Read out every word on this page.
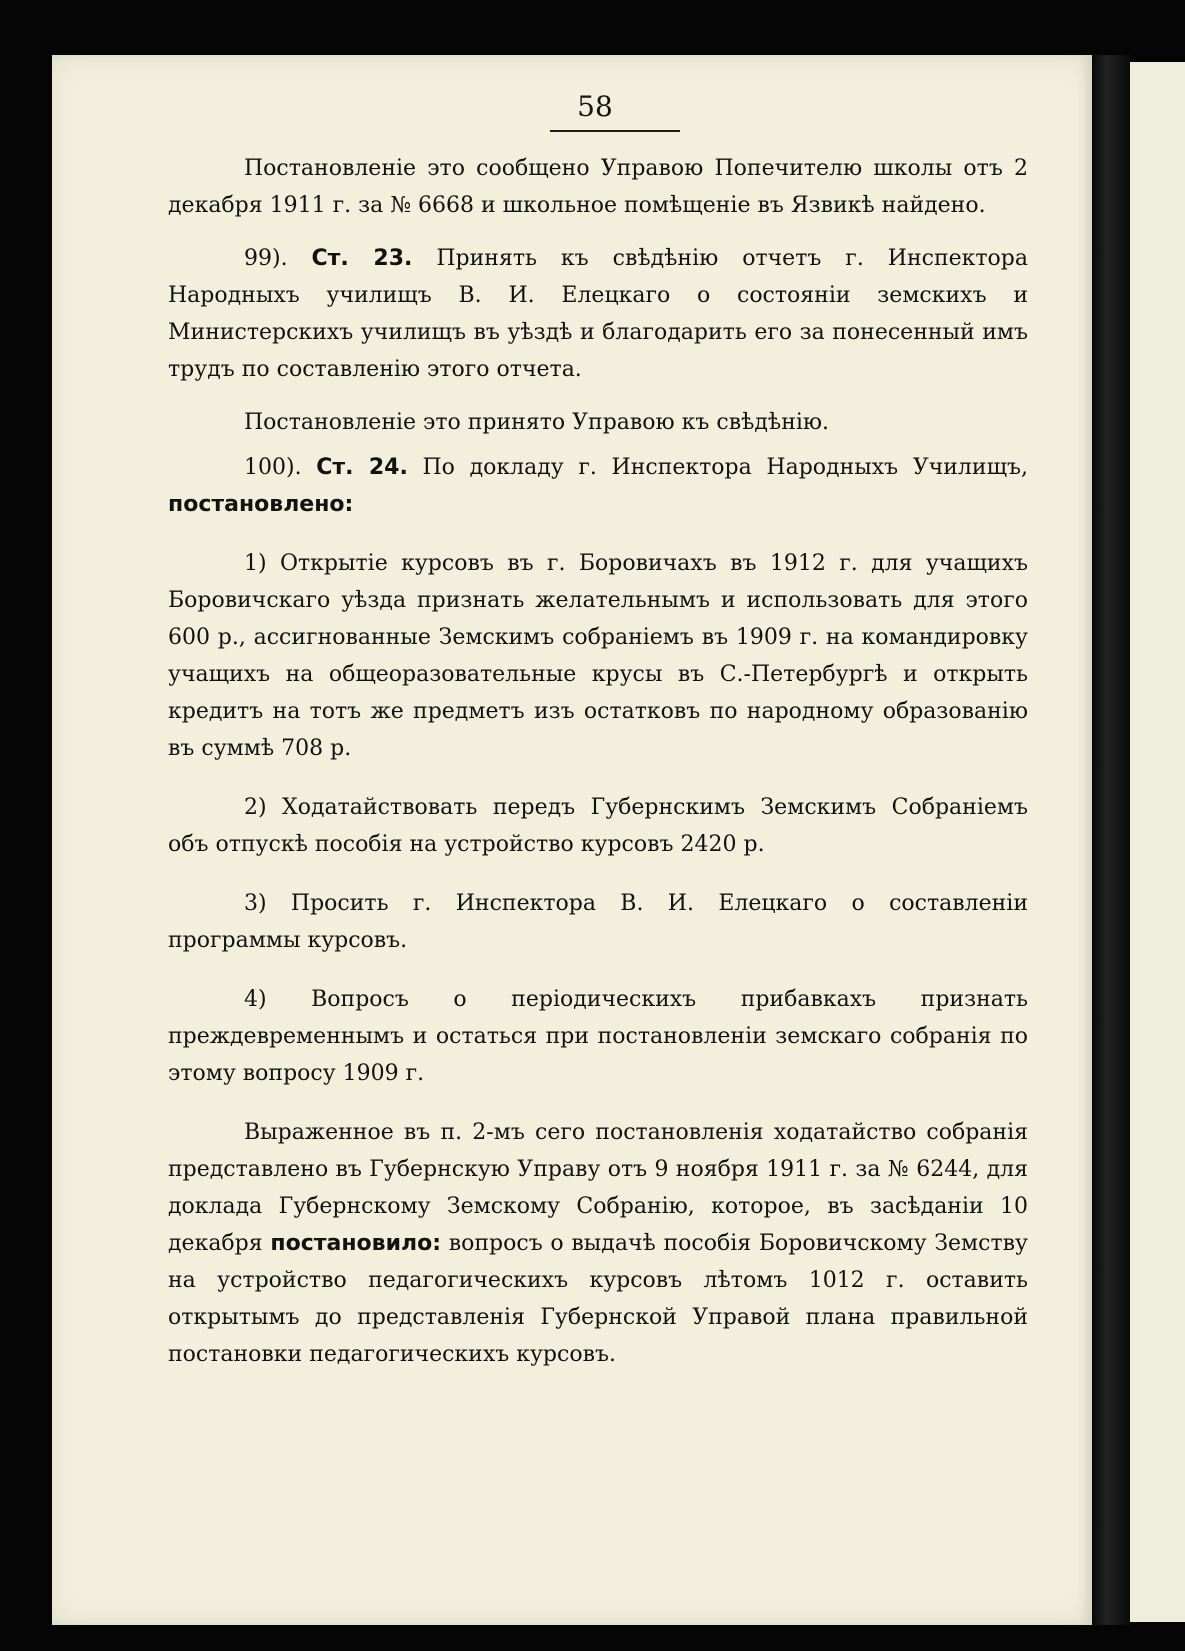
58

Постановленіе это сообщено Управою Попечителю школы отъ 2 декабря 1911 г. за № 6668 и школьное помѣщеніе въ Язвикѣ найдено.

99). Ст. 23. Принять къ свѣдѣнію отчетъ г. Инспектора Народныхъ училищъ В. И. Елецкаго о состояніи земскихъ и Министерскихъ училищъ въ уѣздѣ и благодарить его за понесенный имъ трудъ по составленію этого отчета.

Постановленіе это принято Управою къ свѣдѣнію.

100). Ст. 24. По докладу г. Инспектора Народныхъ Училищъ, постановлено:

1) Открытіе курсовъ въ г. Боровичахъ въ 1912 г. для учащихъ Боровичскаго уѣзда признать желательнымъ и использовать для этого 600 р., ассигнованные Земскимъ собраніемъ въ 1909 г. на командировку учащихъ на общеоразовательные крусы въ С.-Петербургѣ и открыть кредитъ на тотъ же предметъ изъ остатковъ по народному образованію въ суммѣ 708 р.

2) Ходатайствовать передъ Губернскимъ Земскимъ Собраніемъ объ отпускѣ пособія на устройство курсовъ 2420 р.

3) Просить г. Инспектора В. И. Елецкаго о составленіи программы курсовъ.

4) Вопросъ о періодическихъ прибавкахъ признать преждевременнымъ и остаться при постановленіи земскаго собранія по этому вопросу 1909 г.

Выраженное въ п. 2-мъ сего постановленія ходатайство собранія представлено въ Губернскую Управу отъ 9 ноября 1911 г. за № 6244, для доклада Губернскому Земскому Собранію, которое, въ засѣданіи 10 декабря постановило: вопросъ о выдачѣ пособія Боровичскому Земству на устройство педагогическихъ курсовъ лѣтомъ 1012 г. оставить открытымъ до представленія Губернской Управой плана правильной постановки педагогическихъ курсовъ.
